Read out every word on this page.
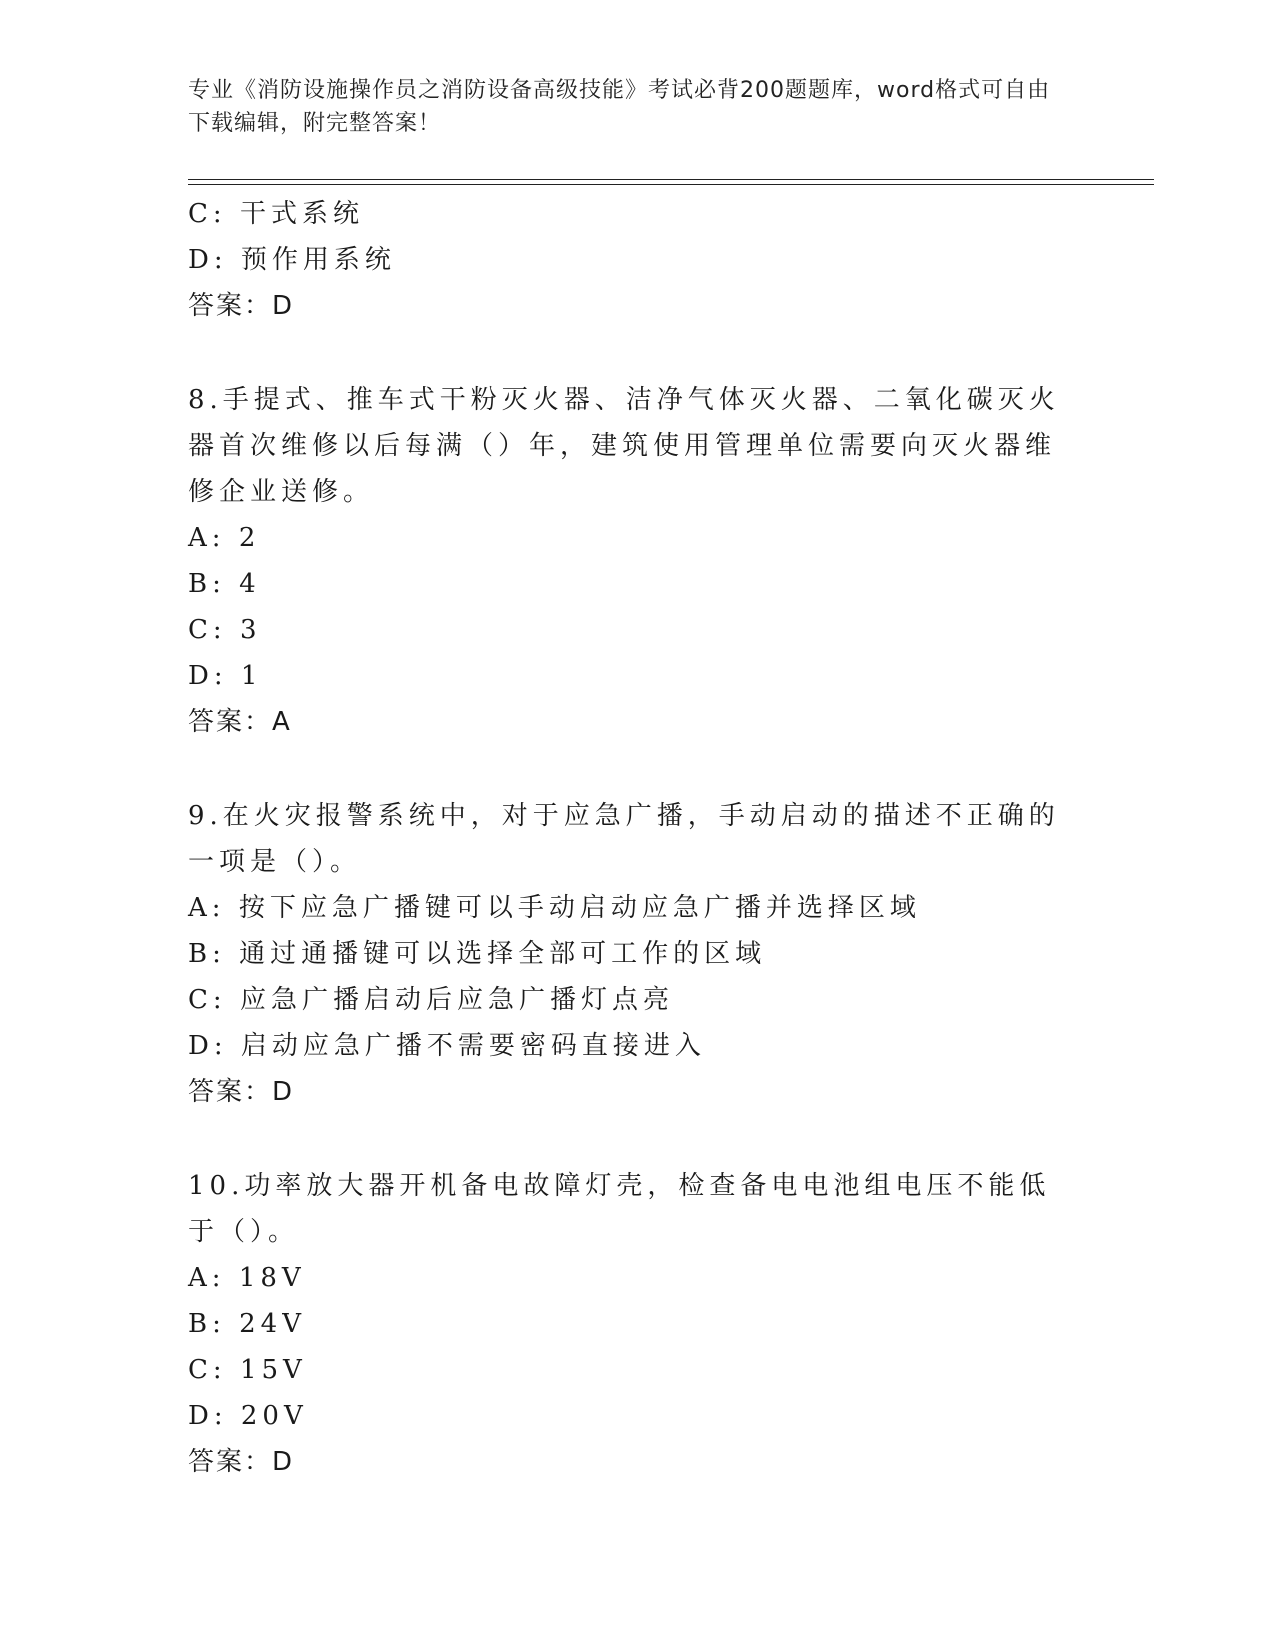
专业《消防设施操作员之消防设备高级技能》考试必背200题题库，word格式可自由下载编辑，附完整答案！
C: 干式系统
D: 预作用系统
答案：D
8.手提式、推车式干粉灭火器、洁净气体灭火器、二氧化碳灭火器首次维修以后每满（）年，建筑使用管理单位需要向灭火器维修企业送修。
A: 2
B: 4
C: 3
D: 1
答案：A
9.在火灾报警系统中，对于应急广播，手动启动的描述不正确的一项是（）。
A: 按下应急广播键可以手动启动应急广播并选择区域
B: 通过通播键可以选择全部可工作的区域
C: 应急广播启动后应急广播灯点亮
D: 启动应急广播不需要密码直接进入
答案：D
10.功率放大器开机备电故障灯壳，检查备电电池组电压不能低于（）。
A: 18V
B: 24V
C: 15V
D: 20V
答案：D
